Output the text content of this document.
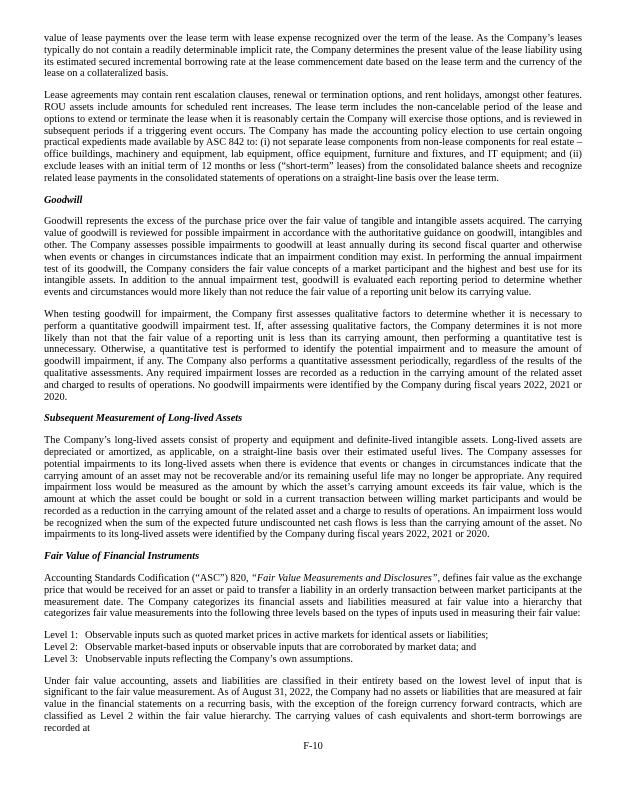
value of lease payments over the lease term with lease expense recognized over the term of the lease. As the Company’s leases typically do not contain a readily determinable implicit rate, the Company determines the present value of the lease liability using its estimated secured incremental borrowing rate at the lease commencement date based on the lease term and the currency of the lease on a collateralized basis.

Lease agreements may contain rent escalation clauses, renewal or termination options, and rent holidays, amongst other features. ROU assets include amounts for scheduled rent increases. The lease term includes the non-cancelable period of the lease and options to extend or terminate the lease when it is reasonably certain the Company will exercise those options, and is reviewed in subsequent periods if a triggering event occurs. The Company has made the accounting policy election to use certain ongoing practical expedients made available by ASC 842 to: (i) not separate lease components from non-lease components for real estate – office buildings, machinery and equipment, lab equipment, office equipment, furniture and fixtures, and IT equipment; and (ii) exclude leases with an initial term of 12 months or less (“short-term” leases) from the consolidated balance sheets and recognize related lease payments in the consolidated statements of operations on a straight-line basis over the lease term.

Goodwill

Goodwill represents the excess of the purchase price over the fair value of tangible and intangible assets acquired. The carrying value of goodwill is reviewed for possible impairment in accordance with the authoritative guidance on goodwill, intangibles and other. The Company assesses possible impairments to goodwill at least annually during its second fiscal quarter and otherwise when events or changes in circumstances indicate that an impairment condition may exist. In performing the annual impairment test of its goodwill, the Company considers the fair value concepts of a market participant and the highest and best use for its intangible assets. In addition to the annual impairment test, goodwill is evaluated each reporting period to determine whether events and circumstances would more likely than not reduce the fair value of a reporting unit below its carrying value.

When testing goodwill for impairment, the Company first assesses qualitative factors to determine whether it is necessary to perform a quantitative goodwill impairment test. If, after assessing qualitative factors, the Company determines it is not more likely than not that the fair value of a reporting unit is less than its carrying amount, then performing a quantitative test is unnecessary. Otherwise, a quantitative test is performed to identify the potential impairment and to measure the amount of goodwill impairment, if any. The Company also performs a quantitative assessment periodically, regardless of the results of the qualitative assessments. Any required impairment losses are recorded as a reduction in the carrying amount of the related asset and charged to results of operations. No goodwill impairments were identified by the Company during fiscal years 2022, 2021 or 2020.

Subsequent Measurement of Long-lived Assets

The Company’s long-lived assets consist of property and equipment and definite-lived intangible assets. Long-lived assets are depreciated or amortized, as applicable, on a straight-line basis over their estimated useful lives. The Company assesses for potential impairments to its long-lived assets when there is evidence that events or changes in circumstances indicate that the carrying amount of an asset may not be recoverable and/or its remaining useful life may no longer be appropriate. Any required impairment loss would be measured as the amount by which the asset’s carrying amount exceeds its fair value, which is the amount at which the asset could be bought or sold in a current transaction between willing market participants and would be recorded as a reduction in the carrying amount of the related asset and a charge to results of operations. An impairment loss would be recognized when the sum of the expected future undiscounted net cash flows is less than the carrying amount of the asset. No impairments to its long-lived assets were identified by the Company during fiscal years 2022, 2021 or 2020.

Fair Value of Financial Instruments

Accounting Standards Codification (“ASC”) 820, “Fair Value Measurements and Disclosures”, defines fair value as the exchange price that would be received for an asset or paid to transfer a liability in an orderly transaction between market participants at the measurement date. The Company categorizes its financial assets and liabilities measured at fair value into a hierarchy that categorizes fair value measurements into the following three levels based on the types of inputs used in measuring their fair value:

Level 1: Observable inputs such as quoted market prices in active markets for identical assets or liabilities;

Level 2: Observable market-based inputs or observable inputs that are corroborated by market data; and

Level 3: Unobservable inputs reflecting the Company’s own assumptions.

Under fair value accounting, assets and liabilities are classified in their entirety based on the lowest level of input that is significant to the fair value measurement. As of August 31, 2022, the Company had no assets or liabilities that are measured at fair value in the financial statements on a recurring basis, with the exception of the foreign currency forward contracts, which are classified as Level 2 within the fair value hierarchy. The carrying values of cash equivalents and short-term borrowings are recorded at

F-10
